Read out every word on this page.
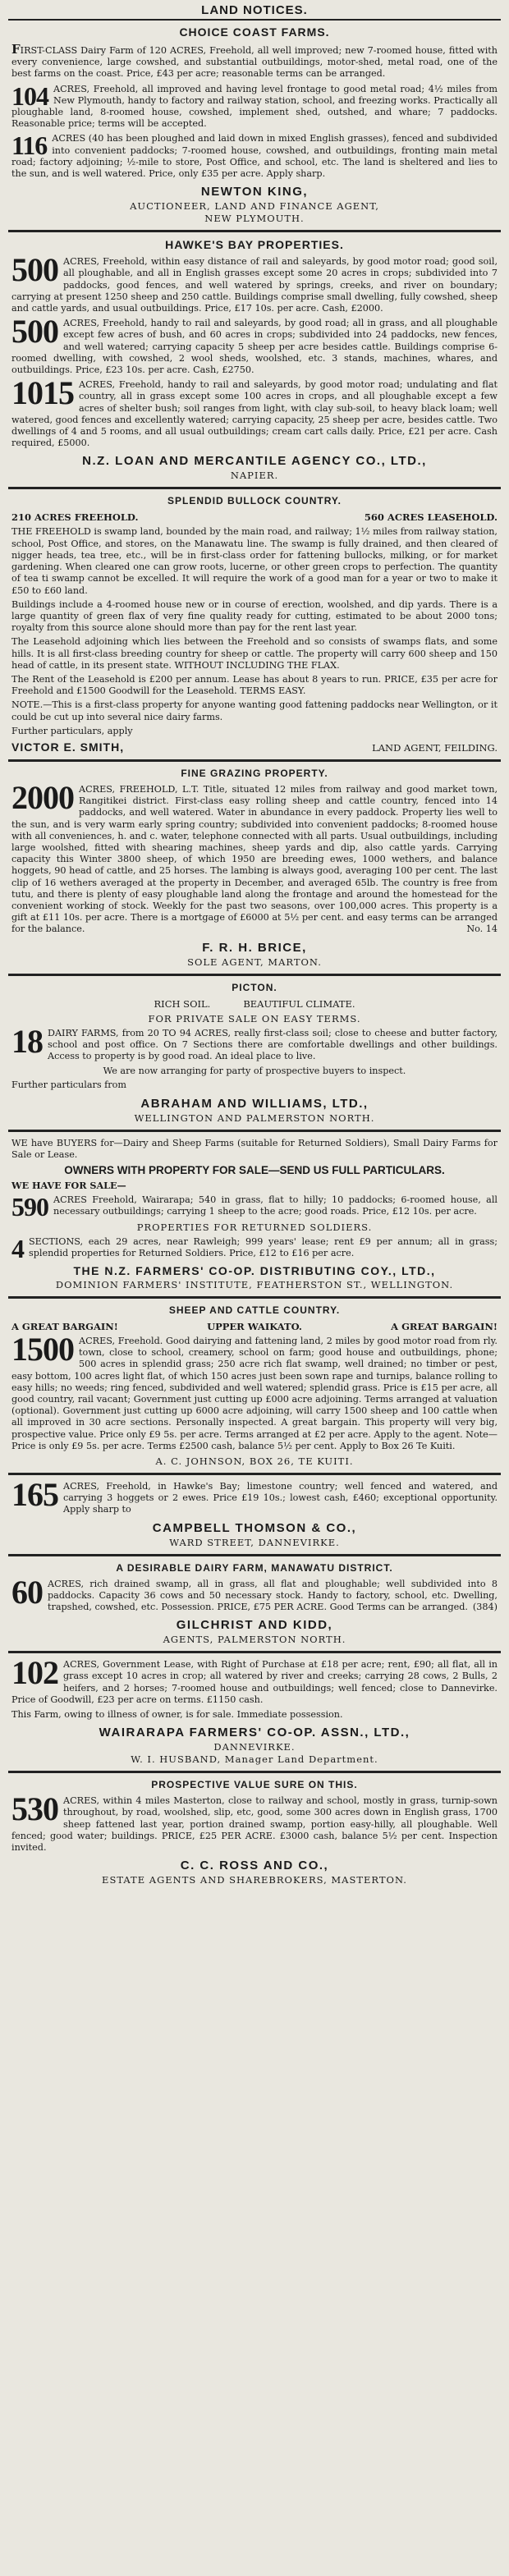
LAND NOTICES.
CHOICE COAST FARMS.
FIRST-CLASS Dairy Farm of 120 ACRES, Freehold, all well improved; new 7-roomed house, fitted with every convenience, large cowshed, and substantial outbuildings, motor-shed, metal road, one of the best farms on the coast. Price, £43 per acre; reasonable terms can be arranged.
104 ACRES, Freehold, all improved and having level frontage to good metal road; 4½ miles from New Plymouth, handy to factory and railway station, school, and freezing works. Practically all ploughable land, 8-roomed house, cowshed, implement shed, outshed, and whare; 7 paddocks. Reasonable price; terms will be accepted.
116 ACRES (40 has been ploughed and laid down in mixed English grasses), fenced and subdivided into convenient paddocks; 7-roomed house, cowshed, and outbuildings, fronting main metal road; factory adjoining; ½-mile to store, Post Office, and school, etc. The land is sheltered and lies to the sun, and is well watered. Price, only £35 per acre. Apply sharp.
NEWTON KING,
AUCTIONEER, LAND AND FINANCE AGENT,
NEW PLYMOUTH.
HAWKE'S BAY PROPERTIES.
500 ACRES, Freehold, within easy distance of rail and saleyards, by good motor road; good soil, all ploughable, and all in English grasses except some 20 acres in crops; subdivided into 7 paddocks, good fences, and well watered by springs, creeks, and river on boundary; carrying at present 1250 sheep and 250 cattle. Buildings comprise small dwelling, fully cowshed, sheep and cattle yards, and usual outbuildings. Price, £17 10s. per acre. Cash, £2000.
500 ACRES, Freehold, handy to rail and saleyards, by good road; all in grass, and all ploughable except few acres of bush, and 60 acres in crops; subdivided into 24 paddocks, new fences, and well watered; carrying capacity 5 sheep per acre besides cattle. Buildings comprise 6-roomed dwelling, with cowshed, 2 wool sheds, woolshed, etc. 3 stands, machines, whares, and outbuildings. Price, £23 10s. per acre. Cash, £2750.
1015 ACRES, Freehold, handy to rail and saleyards, by good motor road; undulating and flat country, all in grass except some 100 acres in crops, and all ploughable except a few acres of shelter bush; soil ranges from light, with clay sub-soil, to heavy black loam; well watered, good fences and excellently watered; carrying capacity, 25 sheep per acre, besides cattle. Two dwellings of 4 and 5 rooms, and all usual outbuildings; cream cart calls daily. Price, £21 per acre. Cash required, £5000.
N.Z. LOAN AND MERCANTILE AGENCY CO., LTD.,
NAPIER.
SPLENDID BULLOCK COUNTRY.
210 ACRES FREEHOLD.	560 ACRES LEASEHOLD.
THE FREEHOLD is swamp land, bounded by the main road, and railway; 1½ miles from railway station, school, Post Office, and stores, on the Manawatu line. The swamp is fully drained, and then cleared of nigger heads, tea tree, etc., will be in first-class order for fattening bullocks, milking, or for market gardening. When cleared one can grow roots, lucerne, or other green crops to perfection. The quantity of tea ti swamp cannot be excelled. It will require the work of a good man for a year or two to make it £50 to £60 land.
Buildings include a 4-roomed house new or in course of erection, woolshed, and dip yards. There is a large quantity of green flax of very fine quality ready for cutting, estimated to be about 2000 tons; royalty from this source alone should more than pay for the rent last year.
The Leasehold adjoining which lies between the Freehold and so consists of swamps flats, and some hills. It is all first-class breeding country for sheep or cattle. The property will carry 600 sheep and 150 head of cattle, in its present state. WITHOUT INCLUDING THE FLAX.
The Rent of the Leasehold is £200 per annum. Lease has about 8 years to run. PRICE, £35 per acre for Freehold and £1500 Goodwill for the Leasehold. TERMS EASY.
NOTE.—This is a first-class property for anyone wanting good fattening paddocks near Wellington, or it could be cut up into several nice dairy farms.
Further particulars, apply
VICTOR E. SMITH,	LAND AGENT, FEILDING.
FINE GRAZING PROPERTY.
2000 ACRES, FREEHOLD, L.T. Title, situated 12 miles from railway and good market town, Rangitikei district. First-class easy rolling sheep and cattle country, fenced into 14 paddocks, and well watered. Water in abundance in every paddock. Property lies well to the sun, and is very warm early spring country; subdivided into convenient paddocks; 8-roomed house with all conveniences, h. and c. water, telephone connected with all parts. Usual outbuildings, including large woolshed, fitted with shearing machines, sheep yards and dip, also cattle yards. Carrying capacity this Winter 3800 sheep, of which 1950 are breeding ewes, 1000 wethers, and balance hoggets, 90 head of cattle, and 25 horses. The lambing is always good, averaging 100 per cent. The last clip of 16 wethers averaged at the property in December, and averaged 65lb. The country is free from tutu, and there is plenty of easy ploughable land along the frontage and around the homestead for the convenient working of stock. Weekly for the past two seasons, over 100,000 acres. This property is a gift at £11 10s. per acre. There is a mortgage of £6000 at 5½ per cent. and easy terms can be arranged for the balance.	No. 14
F. R. H. BRICE,
SOLE AGENT, MARTON.
PICTON.
RICH SOIL.	BEAUTIFUL CLIMATE.
FOR PRIVATE SALE ON EASY TERMS.
18 DAIRY FARMS, from 20 TO 94 ACRES, really first-class soil; close to cheese and butter factory, school and post office. On 7 Sections there are comfortable dwellings and other buildings. Access to property is by good road. An ideal place to live.
We are now arranging for party of prospective buyers to inspect.
Further particulars from
ABRAHAM AND WILLIAMS, LTD.,
WELLINGTON AND PALMERSTON NORTH.
WE have BUYERS for—Dairy and Sheep Farms (suitable for Returned Soldiers), Small Dairy Farms for Sale or Lease.
OWNERS WITH PROPERTY FOR SALE—SEND US FULL PARTICULARS.
WE HAVE FOR SALE—
590 ACRES Freehold, Wairarapa; 540 in grass, flat to hilly; 10 paddocks; 6-roomed house, all necessary outbuildings; carrying 1 sheep to the acre; good roads. Price, £12 10s. per acre.
PROPERTIES FOR RETURNED SOLDIERS.
4 SECTIONS, each 29 acres, near Rawleigh; 999 years' lease; rent £9 per annum; all in grass; splendid properties for Returned Soldiers. Price, £12 to £16 per acre.
THE N.Z. FARMERS' CO-OP. DISTRIBUTING COY., LTD.,
DOMINION FARMERS' INSTITUTE, FEATHERSTON ST., WELLINGTON.
SHEEP AND CATTLE COUNTRY.
A GREAT BARGAIN!	UPPER WAIKATO.	A GREAT BARGAIN!
1500 ACRES, Freehold. Good dairying and fattening land, 2 miles by good motor road from rly. town, close to school, creamery, school on farm; good house and outbuildings, phone; 500 acres in splendid grass; 250 acre rich flat swamp, well drained; no timber or pest, easy bottom, 100 acres light flat, of which 150 acres just been sown rape and turnips, balance rolling to easy hills; no weeds; ring fenced, subdivided and well watered; splendid grass. Price is £15 per acre, all good country, rail vacant; Government just cutting up £000 acre adjoining. Terms arranged at valuation (optional). Government just cutting up 6000 acre adjoining, will carry 1500 sheep and 100 cattle when all improved in 30 acre sections. Personally inspected. A great bargain. This property will very big, prospective value. Price only £9 5s. per acre. Terms arranged at £2 per acre. Apply to the agent. Note—Price is only £9 5s. per acre. Terms £2500 cash, balance 5½ per cent. Apply to Box 26 Te Kuiti.
A. C. JOHNSON, BOX 26, TE KUITI.
165 ACRES, Freehold, in Hawke's Bay; limestone country; well fenced and watered, and carrying 3 hoggets or 2 ewes. Price £19 10s.; lowest cash, £460; exceptional opportunity. Apply sharp to
CAMPBELL THOMSON & CO.,
WARD STREET, DANNEVIRKE.
A DESIRABLE DAIRY FARM, MANAWATU DISTRICT.
60 ACRES, rich drained swamp, all in grass, all flat and ploughable; well subdivided into 8 paddocks. Capacity 36 cows and 50 necessary stock. Handy to factory, school, etc. Dwelling, trapshed, cowshed, etc. Possession. PRICE, £75 PER ACRE. Good Terms can be arranged. (384)
GILCHRIST AND KIDD,
AGENTS, PALMERSTON NORTH.
102 ACRES, Government Lease, with Right of Purchase at £18 per acre; rent, £90; all flat, all in grass except 10 acres in crop; all watered by river and creeks; carrying 28 cows, 2 Bulls, 2 heifers, and 2 horses; 7-roomed house and outbuildings; well fenced; close to Dannevirke. Price of Goodwill, £23 per acre on terms. £1150 cash.
This Farm, owing to illness of owner, is for sale. Immediate possession.
WAIRARAPA FARMERS' CO-OP. ASSN., LTD.,
DANNEVIRKE.
W. I. HUSBAND, Manager Land Department.
PROSPECTIVE VALUE SURE ON THIS.
530 ACRES, within 4 miles Masterton, close to railway and school, mostly in grass, turnip-sown throughout, by road, woolshed, slip, etc, good, some 300 acres down in English grass, 1700 sheep fattened last year, portion drained swamp, portion easy-hilly, all ploughable. Well fenced; good water; buildings. PRICE, £25 PER ACRE. £3000 cash, balance 5½ per cent. Inspection invited.
C. C. ROSS AND CO.,
ESTATE AGENTS AND SHAREBROKERS, MASTERTON.
